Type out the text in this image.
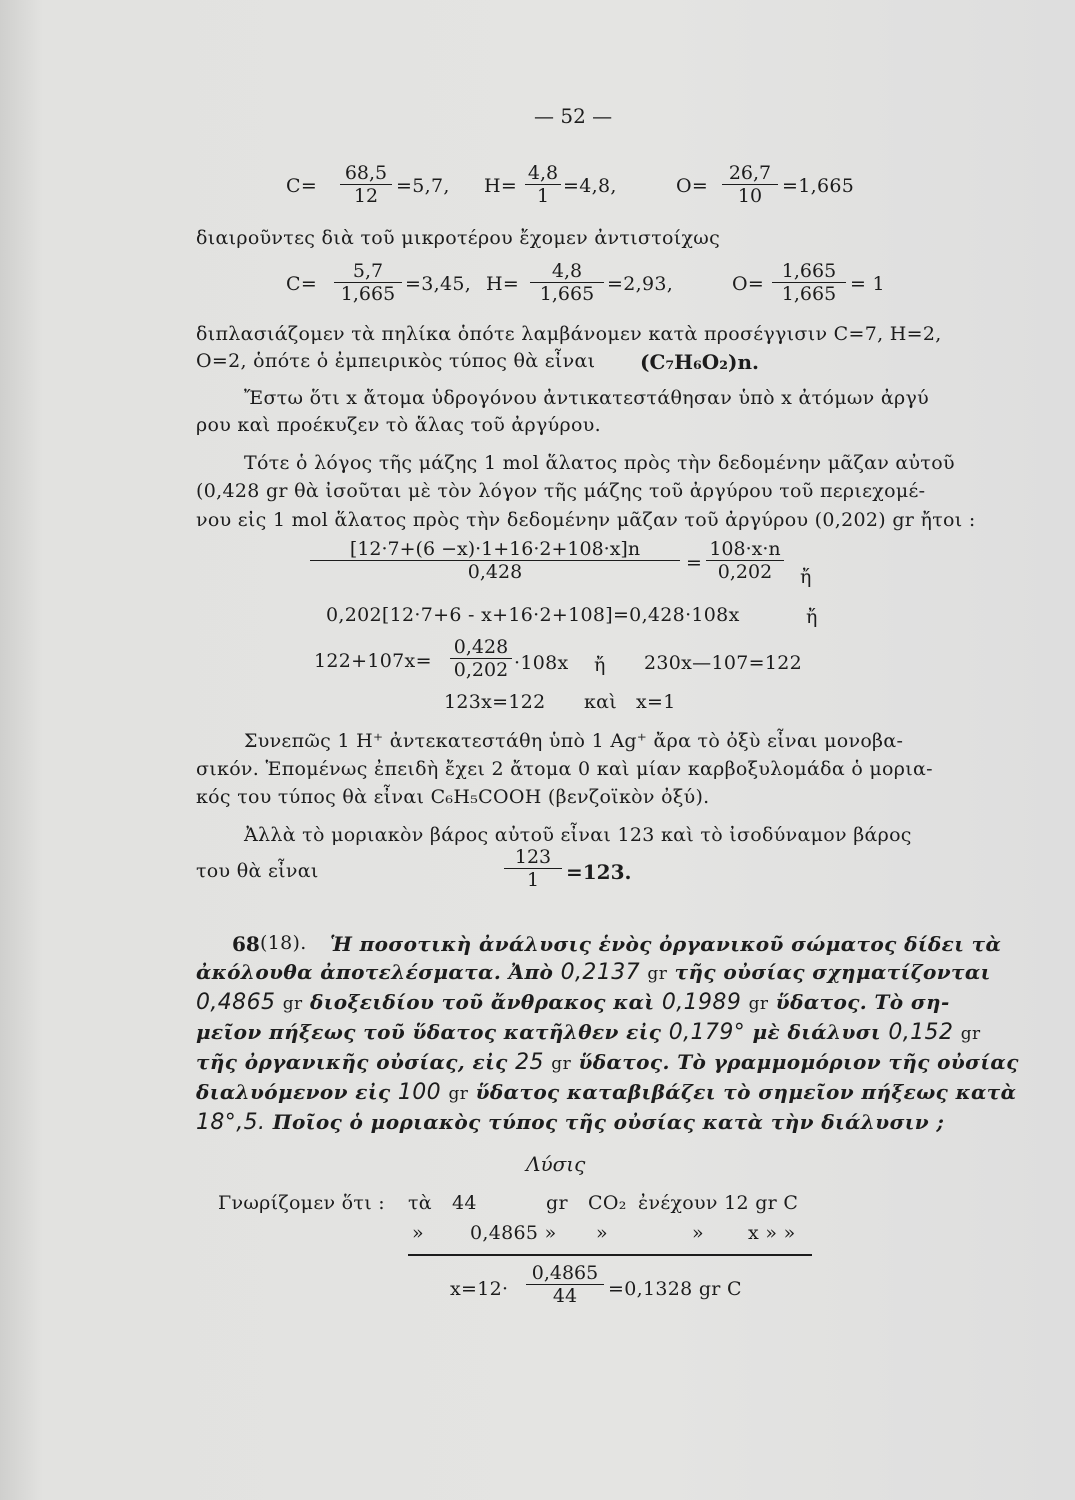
— 52 —
$C= \frac{68,5}{12} =5,7$, $H= \frac{4,8}{1} =4,8$,	$O= \frac{26,7}{10} =1,665$
διαιροῦντες διὰ τοῦ μικροτέρου ἔχομεν ἀντιστοίχως
$C= \frac{5,7}{1,665} =3,45$, $H= \frac{4,8}{1,665} =2,93$,	$O= \frac{1,665}{1,665} = 1$
διπλασιάζομεν τὰ πηλίκα ὁπότε λαμβάνομεν κατὰ προσέγγισιν C=7, H=2,
O=2, ὁπότε ὁ ἐμπειρικὸς τύπος θὰ εἶναι (C₇H₆O₂)n.
Ἔστω ὅτι x ἄτομα ὑδρογόνου ἀντικατεστάθησαν ὑπὸ x ἀτόμων ἀργύ
ρου καὶ προέκυζεν τὸ ἅλας τοῦ ἀργύρου.
Τότε ὁ λόγος τῆς μάζης 1 mol ἅλατος πρὸς τὴν δεδομένην μᾶζαν αὐτοῦ
(0,428 gr θὰ ἰσοῦται μὲ τὸν λόγον τῆς μάζης τοῦ ἀργύρου τοῦ περιεχομέ-
νου εἰς 1 mol ἅλατος πρὸς τὴν δεδομένην μᾶζαν τοῦ ἀργύρου (0,202) gr ἤτοι :
$\frac{[12\cdot 7+(6 -x)\cdot 1+16\cdot 2+108\cdot x]n}{0,428} = \frac{108\cdot x\cdot n}{0,202}$ ἤ
0,202[12·7+6 - x+16·2+108]=0,428·108x	ἤ
$122+107x= \frac{0,428}{0,202} \cdot 108x$ ἤ 230x—107=122
123x=122 καὶ x=1
Συνεπῶς 1 H⁺ ἀντεκατεστάθη ὑπὸ 1 Ag⁺ ἄρα τὸ ὀξὺ εἶναι μονοβα-
σικόν. Ἑπομένως ἐπειδὴ ἔχει 2 ἄτομα 0 καὶ μίαν καρβοξυλομάδα ὁ μορια-
κός του τύπος θὰ εἶναι C₆H₅COOH (βενζοϊκὸν ὀξύ).
Ἀλλὰ τὸ μοριακὸν βάρος αὐτοῦ εἶναι 123 καὶ τὸ ἰσοδύναμον βάρος
του θὰ εἶναι	$\frac{123}{1} =123$.
68 (18). Ἡ ποσοτικὴ ἀνάλυσις ἑνὸς ὀργανικοῦ σώματος δίδει τὰ
ἀκόλουθα ἀποτελέσματα. Ἀπὸ 0,2137 gr τῆς οὐσίας σχηματίζονται
0,4865 gr διοξειδίου τοῦ ἄνθρακος καὶ 0,1989 gr ὕδατος. Τὸ ση-
μεῖον πήξεως τοῦ ὕδατος κατῆλθεν εἰς 0,179° μὲ διάλυσι 0,152 gr
τῆς ὀργανικῆς οὐσίας, εἰς 25 gr ὕδατος. Τὸ γραμμομόριον τῆς οὐσίας
διαλυόμενον εἰς 100 gr ὕδατος καταβιβάζει τὸ σημεῖον πήξεως κατὰ
18°,5. Ποῖος ὁ μοριακὸς τύπος τῆς οὐσίας κατὰ τὴν διάλυσιν ;
Λύσις
Γνωρίζομεν ὅτι : τὰ 44	gr CO₂ ἐνέχουν 12 gr C
» 0,4865 » »	» x » »
$x=12\cdot \frac{0,4865}{44} =0,1328$ gr C
